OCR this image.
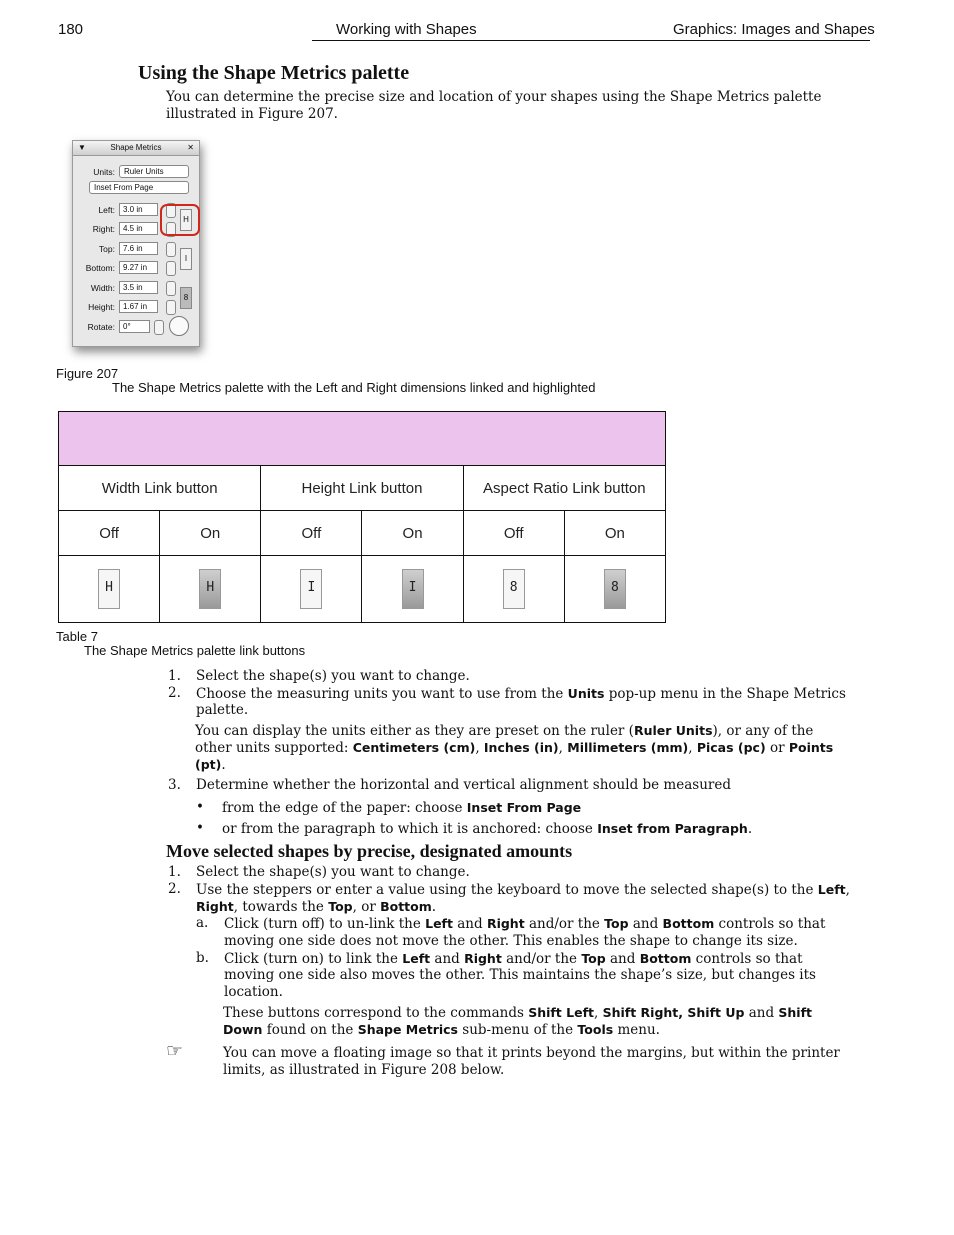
180	Working with Shapes	Graphics: Images and Shapes
Using the Shape Metrics palette
You can determine the precise size and location of your shapes using the Shape Metrics palette
illustrated in Figure 207.
▼	Shape Metrics	✕
Units:	Ruler Units
Inset From Page
Left:	3.0 in
Right:	4.5 in
H
Top:	7.6 in
Bottom:	9.27 in
I
Width:	3.5 in
Height:	1.67 in
8
Rotate:	0°
Figure 207
The Shape Metrics palette with the Left and Right dimensions linked and highlighted

Width Link button		Height Link button		Aspect Ratio Link button	
Off	On	Off	On	Off	On

H	H	I	I	8	8
Table 7
The Shape Metrics palette link buttons
1. Select the shape(s) you want to change.
2. Choose the measuring units you want to use from the Units pop-up menu in the Shape Metrics
palette.
You can display the units either as they are preset on the ruler (Ruler Units), or any of the
other units supported: Centimeters (cm), Inches (in), Millimeters (mm), Picas (pc) or Points
(pt).
3. Determine whether the horizontal and vertical alignment should be measured
• from the edge of the paper: choose Inset From Page
• or from the paragraph to which it is anchored: choose Inset from Paragraph.
Move selected shapes by precise, designated amounts
1. Select the shape(s) you want to change.
2. Use the steppers or enter a value using the keyboard to move the selected shape(s) to the Left,
Right, towards the Top, or Bottom.
a. Click (turn off) to un-link the Left and Right and/or the Top and Bottom controls so that
moving one side does not move the other. This enables the shape to change its size.
b. Click (turn on) to link the Left and Right and/or the Top and Bottom controls so that
moving one side also moves the other. This maintains the shape’s size, but changes its
location.
These buttons correspond to the commands Shift Left, Shift Right, Shift Up and Shift
Down found on the Shape Metrics sub-menu of the Tools menu.
☞	You can move a floating image so that it prints beyond the margins, but within the printer
limits, as illustrated in Figure 208 below.
